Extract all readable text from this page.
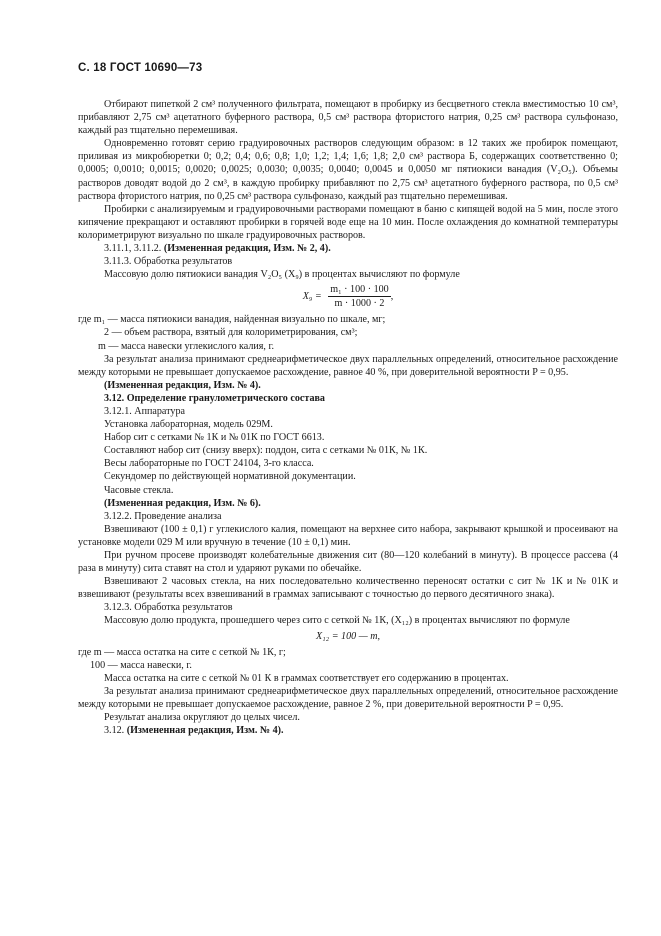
С. 18 ГОСТ 10690—73

Отбирают пипеткой 2 см³ полученного фильтрата, помещают в пробирку из бесцветного стекла вместимостью 10 см³, прибавляют 2,75 см³ ацетатного буферного раствора, 0,5 см³ раствора фтористого натрия, 0,25 см³ раствора сульфоназо, каждый раз тщательно перемешивая.

Одновременно готовят серию градуировочных растворов следующим образом: в 12 таких же пробирок помещают, приливая из микробюретки 0; 0,2; 0,4; 0,6; 0,8; 1,0; 1,2; 1,4; 1,6; 1,8; 2,0 см³ раствора Б, содержащих соответственно 0; 0,0005; 0,0010; 0,0015; 0,0020; 0,0025; 0,0030; 0,0035; 0,0040; 0,0045 и 0,0050 мг пятиокиси ванадия (V₂O₅). Объемы растворов доводят водой до 2 см³, в каждую пробирку прибавляют по 2,75 см³ ацетатного буферного раствора, по 0,5 см³ раствора фтористого натрия, по 0,25 см³ раствора сульфоназо, каждый раз тщательно перемешивая.

Пробирки с анализируемым и градуировочными растворами помещают в баню с кипящей водой на 5 мин, после этого кипячение прекращают и оставляют пробирки в горячей воде еще на 10 мин. После охлаждения до комнатной температуры колориметрируют визуально по шкале градуировочных растворов.

3.11.1, 3.11.2. (Измененная редакция, Изм. № 2, 4).

3.11.3. Обработка результатов

Массовую долю пятиокиси ванадия V₂O₅ (X₉) в процентах вычисляют по формуле

$X_9 = \frac{\text{m₁ · 100 · 100}}{m \cdot 1000 \cdot 2}$ ,

где m₁ — масса пятиокиси ванадия, найденная визуально по шкале, мг;

2 — объем раствора, взятый для колориметрирования, см³;

m — масса навески углекислого калия, г.

За результат анализа принимают среднеарифметическое двух параллельных определений, относительное расхождение между которыми не превышает допускаемое расхождение, равное 40 %, при доверительной вероятности P = 0,95.

(Измененная редакция, Изм. № 4).

3.12. Определение гранулометрического состава

3.12.1. Аппаратура

Установка лабораторная, модель 029М.

Набор сит с сетками № 1К и № 01К по ГОСТ 6613.

Составляют набор сит (снизу вверх): поддон, сита с сетками № 01К, № 1К.

Весы лабораторные по ГОСТ 24104, 3-го класса.

Секундомер по действующей нормативной документации.

Часовые стекла.

(Измененная редакция, Изм. № 6).

3.12.2. Проведение анализа

Взвешивают (100 ± 0,1) г углекислого калия, помещают на верхнее сито набора, закрывают крышкой и просеивают на установке модели 029 М или вручную в течение (10 ± 0,1) мин.

При ручном просеве производят колебательные движения сит (80—120 колебаний в минуту). В процессе рассева (4 раза в минуту) сита ставят на стол и ударяют руками по обечайке.

Взвешивают 2 часовых стекла, на них последовательно количественно переносят остатки с сит № 1К и № 01К и взвешивают (результаты всех взвешиваний в граммах записывают с точностью до первого десятичного знака).

3.12.3. Обработка результатов

Массовую долю продукта, прошедшего через сито с сеткой № 1К, (X₁₂) в процентах вычисляют по формуле

X₁₂ = 100 — m,

где m — масса остатка на сите с сеткой № 1К, г;

100 — масса навески, г.

Масса остатка на сите с сеткой № 01 К в граммах соответствует его содержанию в процентах.

За результат анализа принимают среднеарифметическое двух параллельных определений, относительное расхождение между которыми не превышает допускаемое расхождение, равное 2 %, при доверительной вероятности P = 0,95.

Результат анализа округляют до целых чисел.

3.12. (Измененная редакция, Изм. № 4).
